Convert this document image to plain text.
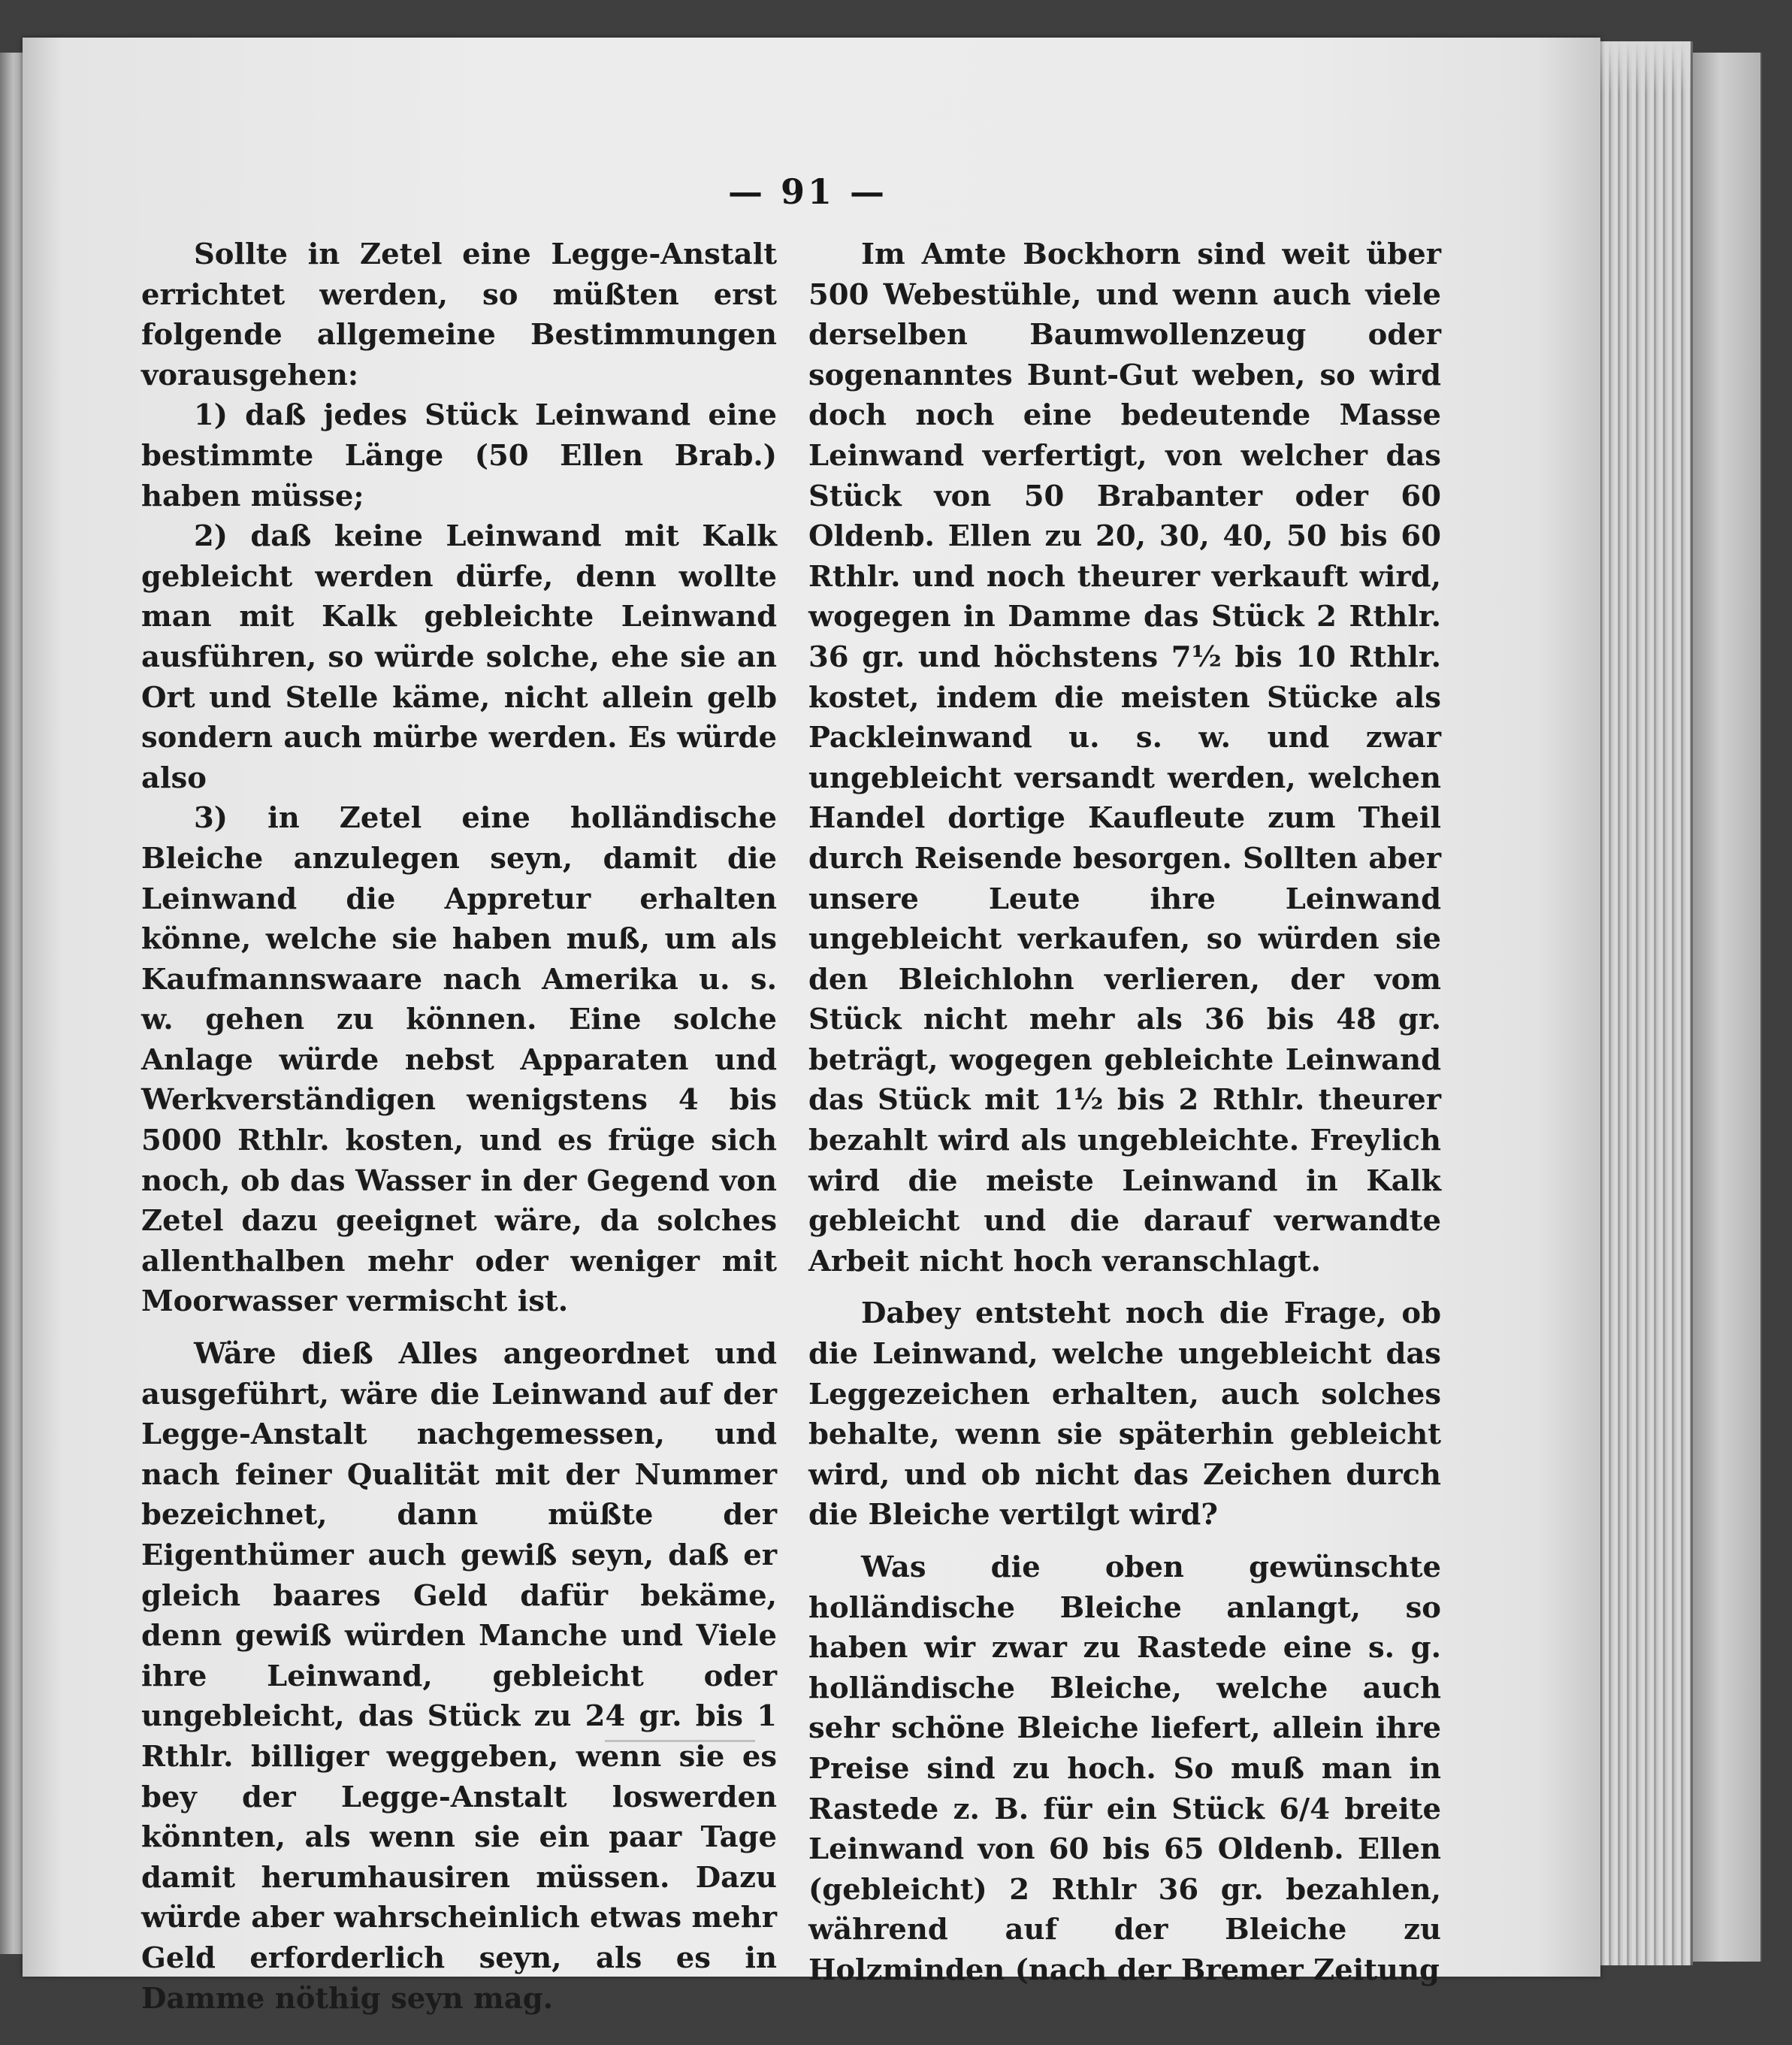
— 91 —

Sollte in Zetel eine Legge-Anstalt errichtet werden, so müßten erst folgende allgemeine Bestimmungen vorausgehen:

1) daß jedes Stück Leinwand eine bestimmte Länge (50 Ellen Brab.) haben müsse;

2) daß keine Leinwand mit Kalk gebleicht werden dürfe, denn wollte man mit Kalk gebleichte Leinwand ausführen, so würde solche, ehe sie an Ort und Stelle käme, nicht allein gelb sondern auch mürbe werden. Es würde also

3) in Zetel eine holländische Bleiche anzulegen seyn, damit die Leinwand die Appretur erhalten könne, welche sie haben muß, um als Kaufmannswaare nach Amerika u. s. w. gehen zu können. Eine solche Anlage würde nebst Apparaten und Werkverständigen wenigstens 4 bis 5000 Rthlr. kosten, und es früge sich noch, ob das Wasser in der Gegend von Zetel dazu geeignet wäre, da solches allenthalben mehr oder weniger mit Moorwasser vermischt ist.

Wäre dieß Alles angeordnet und ausgeführt, wäre die Leinwand auf der Legge-Anstalt nachgemessen, und nach feiner Qualität mit der Nummer bezeichnet, dann müßte der Eigenthümer auch gewiß seyn, daß er gleich baares Geld dafür bekäme, denn gewiß würden Manche und Viele ihre Leinwand, gebleicht oder ungebleicht, das Stück zu 24 gr. bis 1 Rthlr. billiger weggeben, wenn sie es bey der Legge-Anstalt loswerden könnten, als wenn sie ein paar Tage damit herumhausiren müssen. Dazu würde aber wahrscheinlich etwas mehr Geld erforderlich seyn, als es in Damme nöthig seyn mag.

Im Amte Bockhorn sind weit über 500 Webestühle, und wenn auch viele derselben Baumwollenzeug oder sogenanntes Bunt-Gut weben, so wird doch noch eine bedeutende Masse Leinwand verfertigt, von welcher das Stück von 50 Brabanter oder 60 Oldenb. Ellen zu 20, 30, 40, 50 bis 60 Rthlr. und noch theurer verkauft wird, wogegen in Damme das Stück 2 Rthlr. 36 gr. und höchstens 7½ bis 10 Rthlr. kostet, indem die meisten Stücke als Packleinwand u. s. w. und zwar ungebleicht versandt werden, welchen Handel dortige Kaufleute zum Theil durch Reisende besorgen. Sollten aber unsere Leute ihre Leinwand ungebleicht verkaufen, so würden sie den Bleichlohn verlieren, der vom Stück nicht mehr als 36 bis 48 gr. beträgt, wogegen gebleichte Leinwand das Stück mit 1½ bis 2 Rthlr. theurer bezahlt wird als ungebleichte. Freylich wird die meiste Leinwand in Kalk gebleicht und die darauf verwandte Arbeit nicht hoch veranschlagt.

Dabey entsteht noch die Frage, ob die Leinwand, welche ungebleicht das Leggezeichen erhalten, auch solches behalte, wenn sie späterhin gebleicht wird, und ob nicht das Zeichen durch die Bleiche vertilgt wird?

Was die oben gewünschte holländische Bleiche anlangt, so haben wir zwar zu Rastede eine s. g. holländische Bleiche, welche auch sehr schöne Bleiche liefert, allein ihre Preise sind zu hoch. So muß man in Rastede z. B. für ein Stück 6/4 breite Leinwand von 60 bis 65 Oldenb. Ellen (gebleicht) 2 Rthlr 36 gr. bezahlen, während auf der Bleiche zu Holzminden (nach der Bremer Zeitung
